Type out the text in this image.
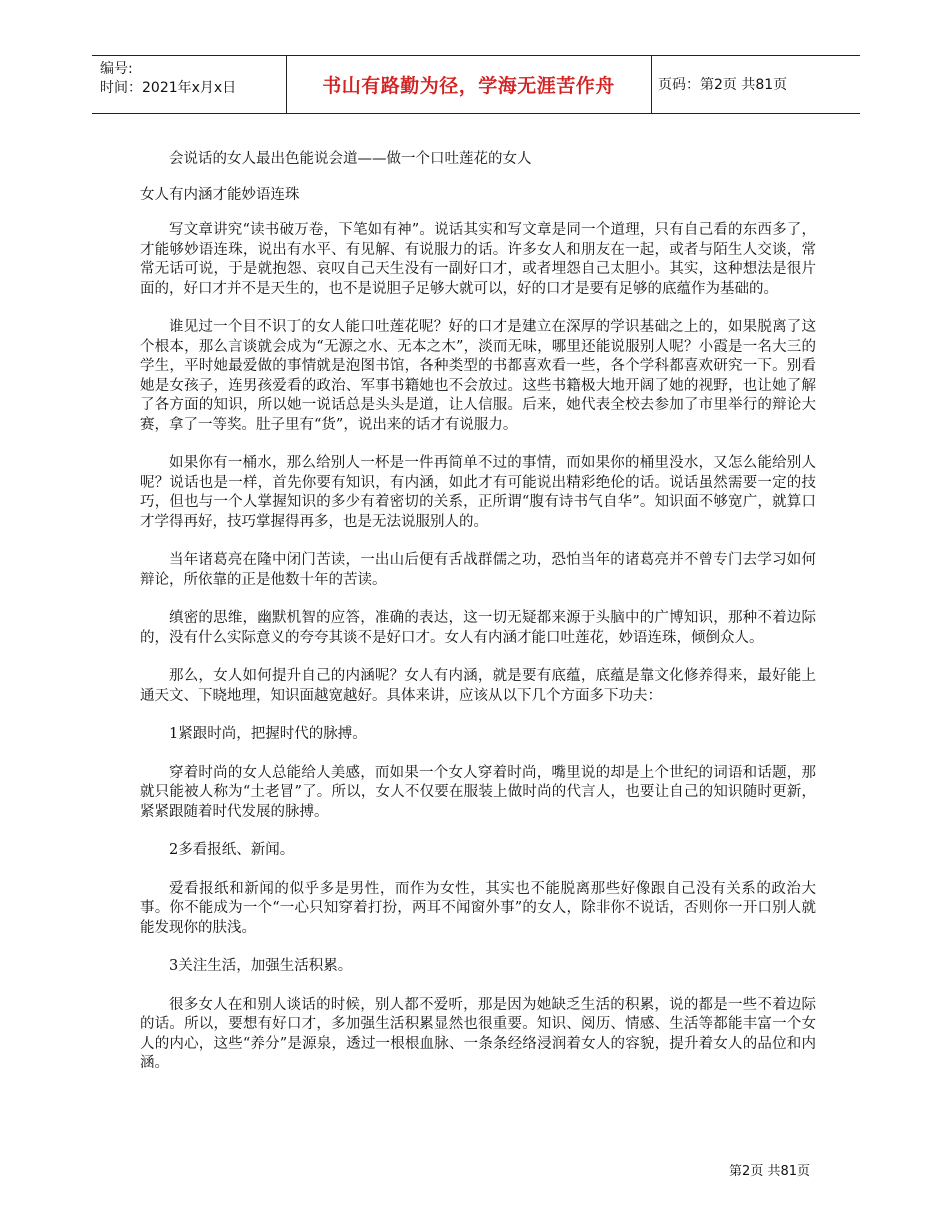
编号:
时间：2021年x月x日	书山有路勤为径，学海无涯苦作舟	页码：第2页 共81页

会说话的女人最出色能说会道——做一个口吐莲花的女人

女人有内涵才能妙语连珠

写文章讲究“读书破万卷，下笔如有神”。说话其实和写文章是同一个道理，只有自己看的东西多了，才能够妙语连珠，说出有水平、有见解、有说服力的话。许多女人和朋友在一起，或者与陌生人交谈，常常无话可说，于是就抱怨、哀叹自己天生没有一副好口才，或者埋怨自己太胆小。其实，这种想法是很片面的，好口才并不是天生的，也不是说胆子足够大就可以，好的口才是要有足够的底蕴作为基础的。

谁见过一个目不识丁的女人能口吐莲花呢？好的口才是建立在深厚的学识基础之上的，如果脱离了这个根本，那么言谈就会成为“无源之水、无本之木”，淡而无味，哪里还能说服别人呢？小霞是一名大三的学生，平时她最爱做的事情就是泡图书馆，各种类型的书都喜欢看一些，各个学科都喜欢研究一下。别看她是女孩子，连男孩爱看的政治、军事书籍她也不会放过。这些书籍极大地开阔了她的视野，也让她了解了各方面的知识，所以她一说话总是头头是道，让人信服。后来，她代表全校去参加了市里举行的辩论大赛，拿了一等奖。肚子里有“货”，说出来的话才有说服力。

如果你有一桶水，那么给别人一杯是一件再简单不过的事情，而如果你的桶里没水，又怎么能给别人呢？说话也是一样，首先你要有知识，有内涵，如此才有可能说出精彩绝伦的话。说话虽然需要一定的技巧，但也与一个人掌握知识的多少有着密切的关系，正所谓“腹有诗书气自华”。知识面不够宽广，就算口才学得再好，技巧掌握得再多，也是无法说服别人的。

当年诸葛亮在隆中闭门苦读，一出山后便有舌战群儒之功，恐怕当年的诸葛亮并不曾专门去学习如何辩论，所依靠的正是他数十年的苦读。

缜密的思维，幽默机智的应答，准确的表达，这一切无疑都来源于头脑中的广博知识，那种不着边际的，没有什么实际意义的夸夸其谈不是好口才。女人有内涵才能口吐莲花，妙语连珠，倾倒众人。

那么，女人如何提升自己的内涵呢？女人有内涵，就是要有底蕴，底蕴是靠文化修养得来，最好能上通天文、下晓地理，知识面越宽越好。具体来讲，应该从以下几个方面多下功夫：

1紧跟时尚，把握时代的脉搏。

穿着时尚的女人总能给人美感，而如果一个女人穿着时尚，嘴里说的却是上个世纪的词语和话题，那就只能被人称为“土老冒”了。所以，女人不仅要在服装上做时尚的代言人，也要让自己的知识随时更新，紧紧跟随着时代发展的脉搏。

2多看报纸、新闻。

爱看报纸和新闻的似乎多是男性，而作为女性，其实也不能脱离那些好像跟自己没有关系的政治大事。你不能成为一个“一心只知穿着打扮，两耳不闻窗外事”的女人，除非你不说话，否则你一开口别人就能发现你的肤浅。

3关注生活，加强生活积累。

很多女人在和别人谈话的时候，别人都不爱听，那是因为她缺乏生活的积累，说的都是一些不着边际的话。所以，要想有好口才，多加强生活积累显然也很重要。知识、阅历、情感、生活等都能丰富一个女人的内心，这些“养分”是源泉，透过一根根血脉、一条条经络浸润着女人的容貌，提升着女人的品位和内涵。

第2页 共81页
